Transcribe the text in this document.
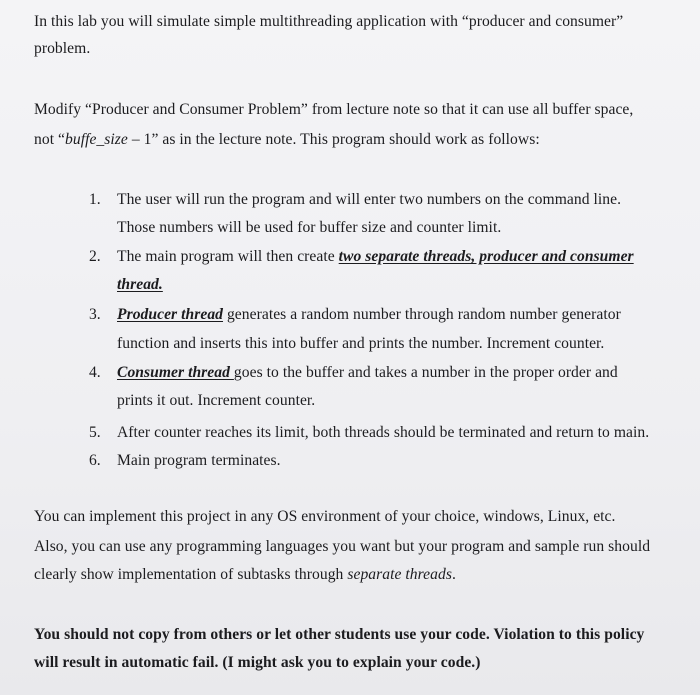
In this lab you will simulate simple multithreading application with “producer and consumer”
problem.
Modify “Producer and Consumer Problem” from lecture note so that it can use all buffer space,
not “buffe_size – 1” as in the lecture note. This program should work as follows:
1. The user will run the program and will enter two numbers on the command line.
Those numbers will be used for buffer size and counter limit.
2. The main program will then create two separate threads, producer and consumer
thread.
3. Producer thread generates a random number through random number generator
function and inserts this into buffer and prints the number. Increment counter.
4. Consumer thread goes to the buffer and takes a number in the proper order and
prints it out. Increment counter.
5. After counter reaches its limit, both threads should be terminated and return to main.
6. Main program terminates.
You can implement this project in any OS environment of your choice, windows, Linux, etc.
Also, you can use any programming languages you want but your program and sample run should
clearly show implementation of subtasks through separate threads.
You should not copy from others or let other students use your code. Violation to this policy
will result in automatic fail. (I might ask you to explain your code.)
